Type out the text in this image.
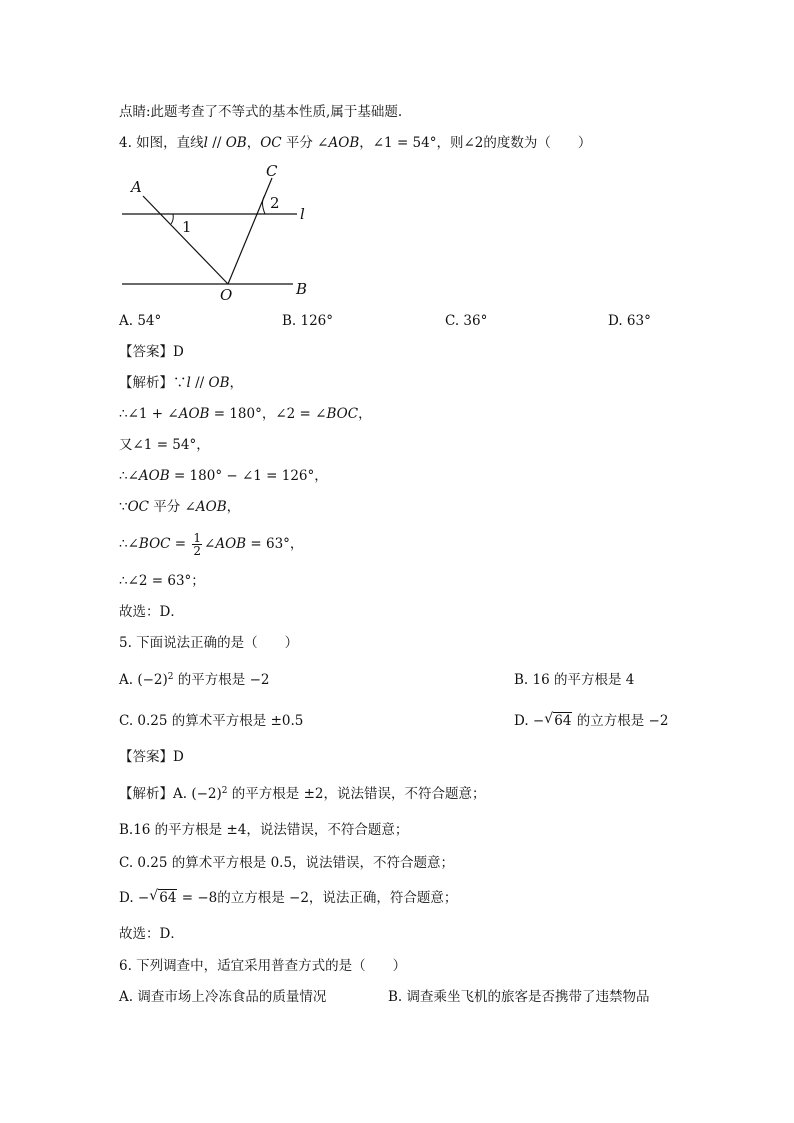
点睛:此题考查了不等式的基本性质,属于基础题.
4. 如图，直线l // OB，OC 平分 ∠AOB，∠1 = 54°，则∠2的度数为（　　）
A
C
1
2
l
O	B
A. 54°	B. 126°	C. 36°	D. 63°
【答案】D
【解析】∵l // OB，
∴∠1 + ∠AOB = 180°，∠2 = ∠BOC，
又∠1 = 54°，
∴∠AOB = 180° − ∠1 = 126°，
∵OC 平分 ∠AOB，
∴∠BOC = $\frac{1}{2}$ ∠AOB = 63°，
∴∠2 = 63°；
故选：D．
5. 下面说法正确的是（　　）
A. $(-2)^2$ 的平方根是 −2	B. 16 的平方根是 4
C. 0.25 的算术平方根是 ±0.5	D. − √ 64 的立方根是 −2
【答案】D
【解析】A. $(-2)^2$ 的平方根是 ±2，说法错误，不符合题意；
B.16 的平方根是 ±4，说法错误，不符合题意；
C. 0.25 的算术平方根是 0.5，说法错误，不符合题意；
D. − √ 64 = −8的立方根是 −2，说法正确，符合题意；
故选：D．
6. 下列调查中，适宜采用普查方式的是（　　）
A. 调查市场上冷冻食品的质量情况	B. 调查乘坐飞机的旅客是否携带了违禁物品
